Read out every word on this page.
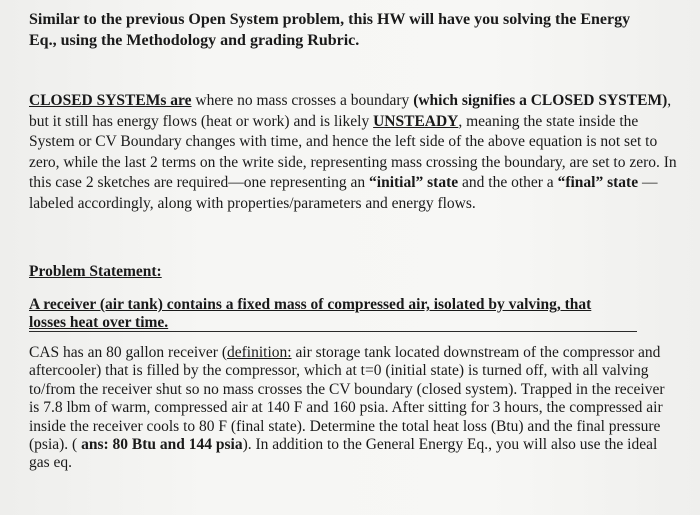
Similar to the previous Open System problem, this HW will have you solving the Energy
Eq., using the Methodology and grading Rubric.

CLOSED SYSTEMs are where no mass crosses a boundary (which signifies a CLOSED SYSTEM), but it still has energy flows (heat or work) and is likely UNSTEADY, meaning the state inside the System or CV Boundary changes with time, and hence the left side of the above equation is not set to zero, while the last 2 terms on the write side, representing mass crossing the boundary, are set to zero. In this case 2 sketches are required—one representing an “initial” state and the other a “final” state —labeled accordingly, along with properties/parameters and energy flows.

Problem Statement:
A receiver (air tank) contains a fixed mass of compressed air, isolated by valving, that
losses heat over time.

CAS has an 80 gallon receiver (definition: air storage tank located downstream of the compressor and aftercooler) that is filled by the compressor, which at t=0 (initial state) is turned off, with all valving to/from the receiver shut so no mass crosses the CV boundary (closed system). Trapped in the receiver is 7.8 lbm of warm, compressed air at 140 F and 160 psia. After sitting for 3 hours, the compressed air inside the receiver cools to 80 F (final state). Determine the total heat loss (Btu) and the final pressure (psia). ( ans: 80 Btu and 144 psia). In addition to the General Energy Eq., you will also use the ideal gas eq.
